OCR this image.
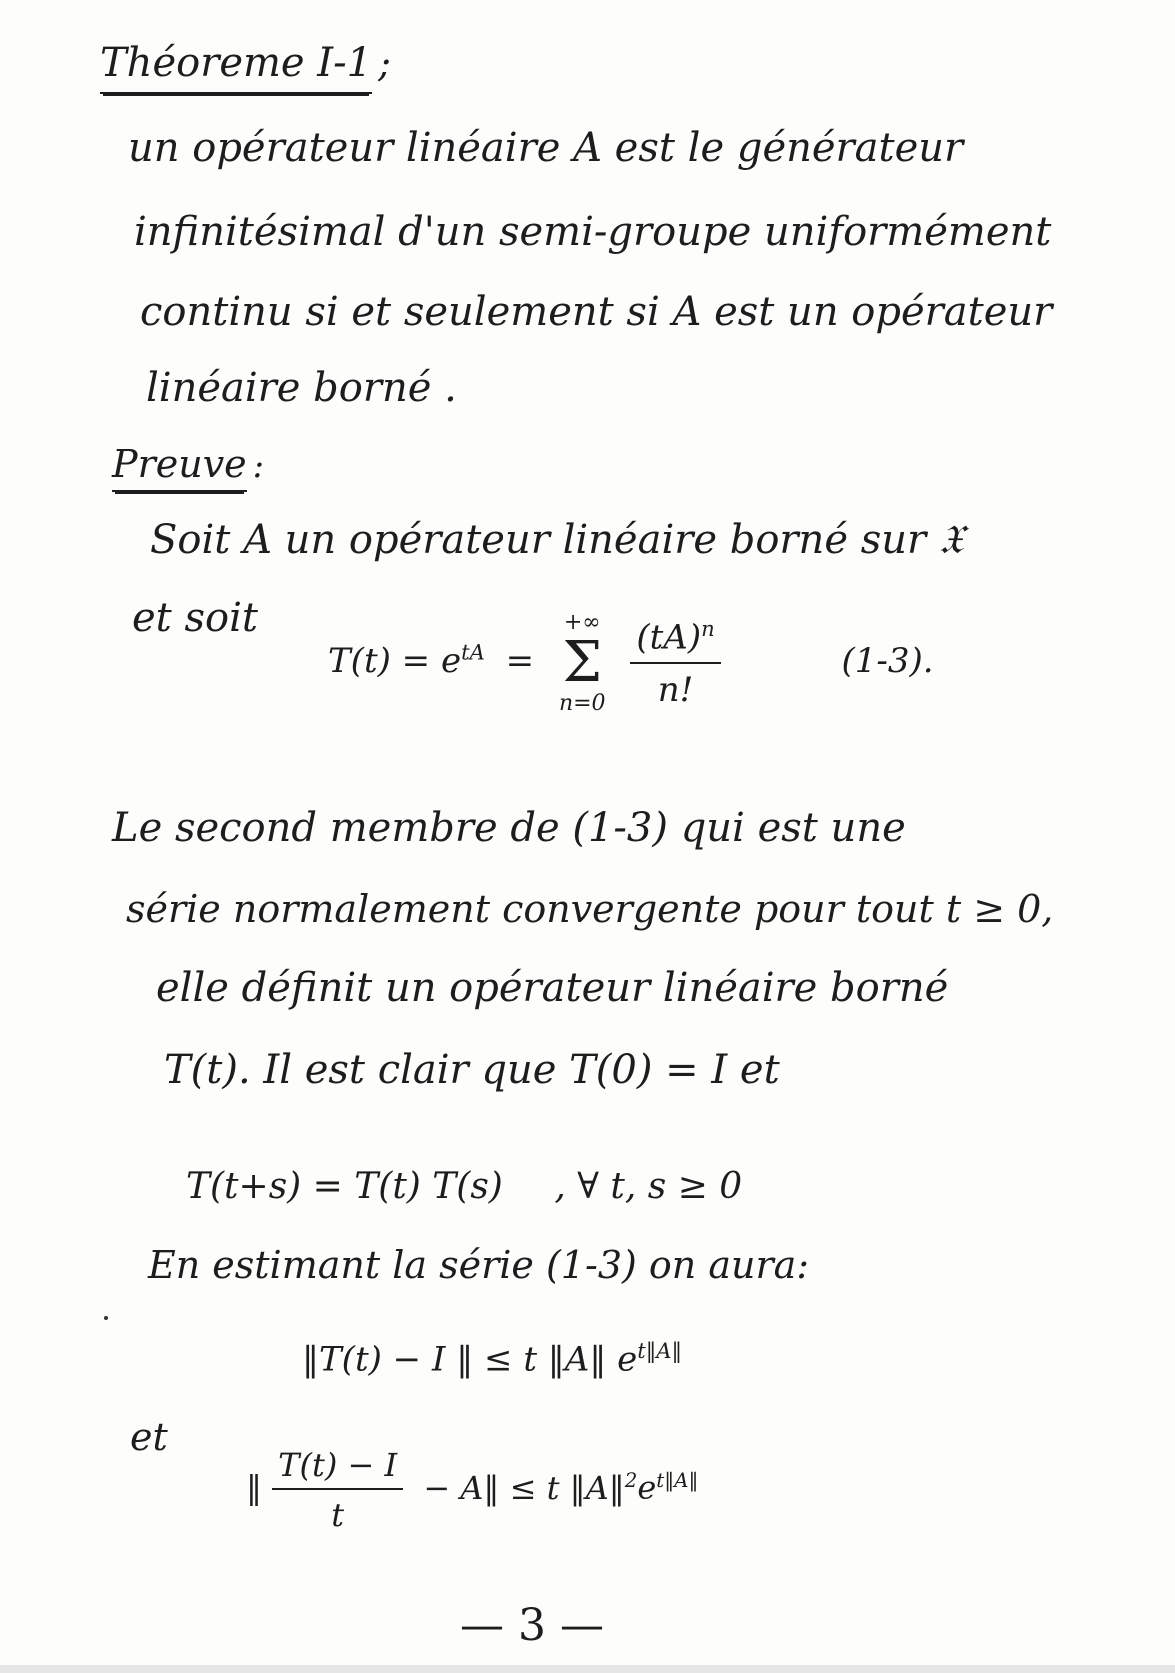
Théoreme I-1 ;
un opérateur linéaire A est le générateur
infinitésimal d'un semi-groupe uniformément
continu si et seulement si A est un opérateur
linéaire borné .
Preuve :
Soit A un opérateur linéaire borné sur 𝔛
et soit
$T(t) = e^{tA}$ =
+∞
Σ
n=0
$\frac{(tA)^n}{n!}$	(1-3).
Le second membre de (1-3) qui est une
série normalement convergente pour tout t ≥ 0,
elle définit un opérateur linéaire borné
T(t). Il est clair que T(0) = I et
T(t+s) = T(t) T(s) , ∀ t, s ≥ 0
En estimant la série (1-3) on aura:
‖T(t) − I ‖ ≤ t ‖A‖ $e^{t‖A‖}$
et
‖ $\frac{T(t) - I}{t}$ − A‖ ≤ t $‖A‖^2e^{t‖A‖}$
— 3 —
